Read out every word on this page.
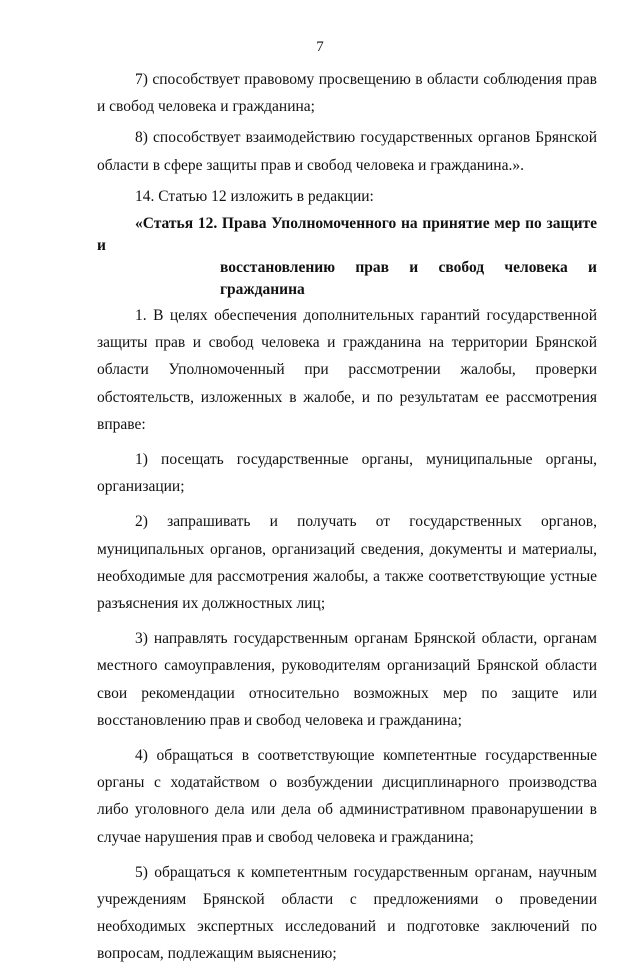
7

7) способствует правовому просвещению в области соблюдения прав и свобод человека и гражданина;

8) способствует взаимодействию государственных органов Брянской области в сфере защиты прав и свобод человека и гражданина.».

14. Статью 12 изложить в редакции:

«Статья 12. Права Уполномоченного на принятие мер по защите и
восстановлению прав и свобод человека и гражданина

1. В целях обеспечения дополнительных гарантий государственной защиты прав и свобод человека и гражданина на территории Брянской области Уполномоченный при рассмотрении жалобы, проверки обстоятельств, изложенных в жалобе, и по результатам ее рассмотрения вправе:

1) посещать государственные органы, муниципальные органы, организации;

2) запрашивать и получать от государственных органов, муниципальных органов, организаций сведения, документы и материалы, необходимые для рассмотрения жалобы, а также соответствующие устные разъяснения их должностных лиц;

3) направлять государственным органам Брянской области, органам местного самоуправления, руководителям организаций Брянской области свои рекомендации относительно возможных мер по защите или восстановлению прав и свобод человека и гражданина;

4) обращаться в соответствующие компетентные государственные органы с ходатайством о возбуждении дисциплинарного производства либо уголовного дела или дела об административном правонарушении в случае нарушения прав и свобод человека и гражданина;

5) обращаться к компетентным государственным органам, научным учреждениям Брянской области с предложениями о проведении необходимых экспертных исследований и подготовке заключений по вопросам, подлежащим выяснению;
